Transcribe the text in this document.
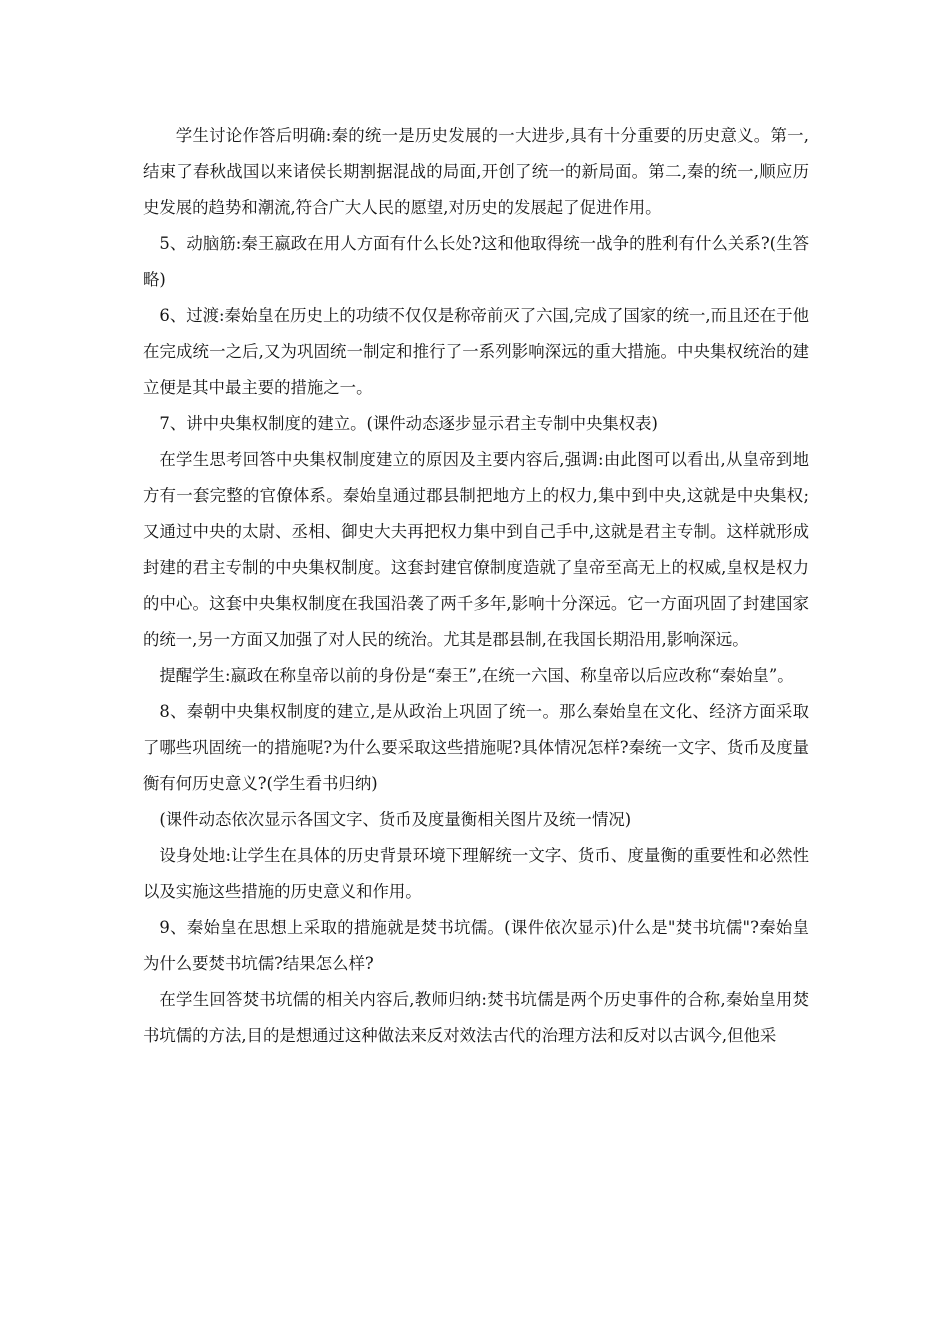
学生讨论作答后明确:秦的统一是历史发展的一大进步,具有十分重要的历史意义。第一,结束了春秋战国以来诸侯长期割据混战的局面,开创了统一的新局面。第二,秦的统一,顺应历史发展的趋势和潮流,符合广大人民的愿望,对历史的发展起了促进作用。

5、动脑筋:秦王嬴政在用人方面有什么长处?这和他取得统一战争的胜利有什么关系?(生答略)

6、过渡:秦始皇在历史上的功绩不仅仅是称帝前灭了六国,完成了国家的统一,而且还在于他在完成统一之后,又为巩固统一制定和推行了一系列影响深远的重大措施。中央集权统治的建立便是其中最主要的措施之一。

7、讲中央集权制度的建立。(课件动态逐步显示君主专制中央集权表)

在学生思考回答中央集权制度建立的原因及主要内容后,强调:由此图可以看出,从皇帝到地方有一套完整的官僚体系。秦始皇通过郡县制把地方上的权力,集中到中央,这就是中央集权;又通过中央的太尉、丞相、御史大夫再把权力集中到自己手中,这就是君主专制。这样就形成封建的君主专制的中央集权制度。这套封建官僚制度造就了皇帝至高无上的权威,皇权是权力的中心。这套中央集权制度在我国沿袭了两千多年,影响十分深远。它一方面巩固了封建国家的统一,另一方面又加强了对人民的统治。尤其是郡县制,在我国长期沿用,影响深远。

提醒学生:嬴政在称皇帝以前的身份是“秦王”,在统一六国、称皇帝以后应改称“秦始皇”。

8、秦朝中央集权制度的建立,是从政治上巩固了统一。那么秦始皇在文化、经济方面采取了哪些巩固统一的措施呢?为什么要采取这些措施呢?具体情况怎样?秦统一文字、货币及度量衡有何历史意义?(学生看书归纳)

(课件动态依次显示各国文字、货币及度量衡相关图片及统一情况)

设身处地:让学生在具体的历史背景环境下理解统一文字、货币、度量衡的重要性和必然性以及实施这些措施的历史意义和作用。

9、秦始皇在思想上采取的措施就是焚书坑儒。(课件依次显示)什么是"焚书坑儒"?秦始皇为什么要焚书坑儒?结果怎么样?

在学生回答焚书坑儒的相关内容后,教师归纳:焚书坑儒是两个历史事件的合称,秦始皇用焚书坑儒的方法,目的是想通过这种做法来反对效法古代的治理方法和反对以古讽今,但他采
